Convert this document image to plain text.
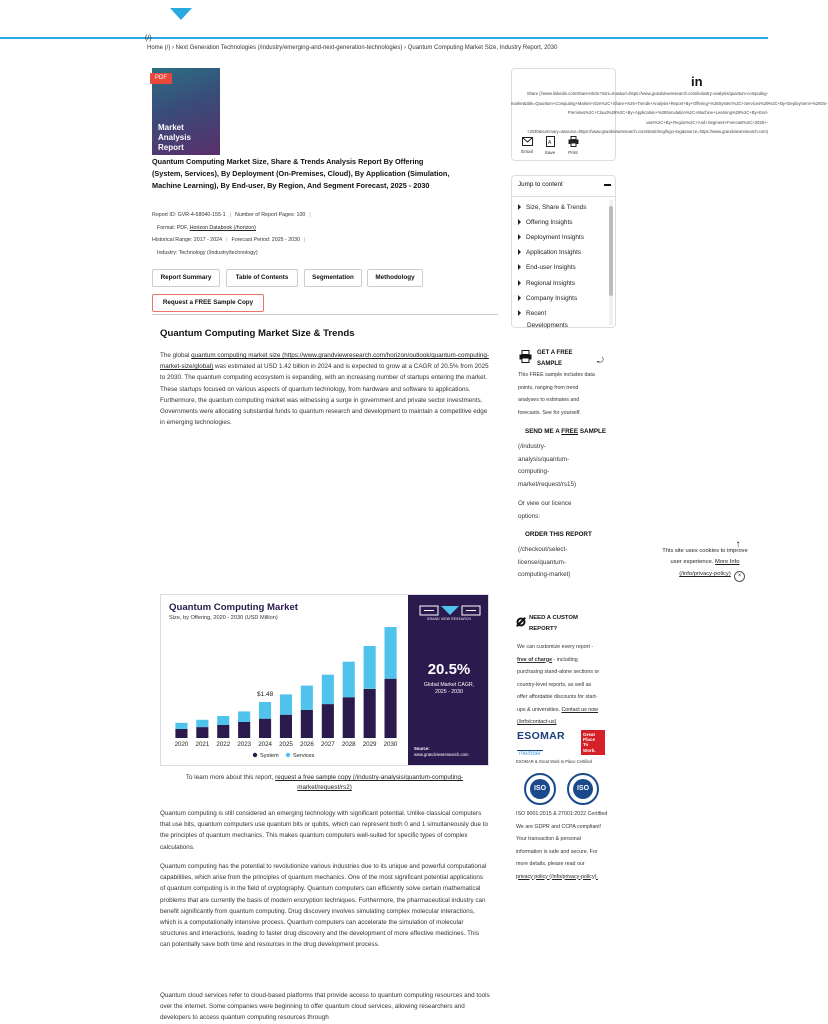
(/)
Home (/) › Next Generation Technologies (/industry/emerging-and-next-generation-technologies) › Quantum Computing Market Size, Industry Report, 2030
PDF
Market
Analysis
Report
Quantum Computing Market Size, Share & Trends Analysis Report By Offering (System, Services), By Deployment (On-Premises, Cloud), By Application (Simulation, Machine Learning), By End-user, By Region, And Segment Forecast, 2025 - 2030
Report ID: GVR-4-68040-155-1 | Number of Report Pages: 100 |
Format: PDF, Horizon Databook (/horizon)
Historical Range: 2017 - 2024 | Forecast Period: 2025 - 2030 |
Industry: Technology (/industry/technology)
Report Summary	Table of Contents	Segmentation	Methodology
Request a FREE Sample Copy
Quantum Computing Market Size & Trends
The global quantum computing market size (https://www.grandviewresearch.com/horizon/outlook/quantum-computing-market-size/global) was estimated at USD 1.42 billion in 2024 and is expected to grow at a CAGR of 20.5% from 2025 to 2030. The quantum computing ecosystem is expanding, with an increasing number of startups entering the market. These startups focused on various aspects of quantum technology, from hardware and software to applications. Furthermore, the quantum computing market was witnessing a surge in government and private sector investments. Governments were allocating substantial funds to quantum research and development to maintain a competitive edge in emerging technologies.
Quantum Computing Market
Size, by Offering, 2020 - 2030 (USD Million)	GRAND VIEW RESEARCH
20.5%
Global Market CAGR,
2025 - 2030
Source:
www.grandviewresearch.com
2020 2021 2022 2023 2024 2025 2026 2027 2028 2029 2030
$1.48
System	Services
To learn more about this report, request a free sample copy (/industry-analysis/quantum-computing-market/request/rs2)
Quantum computing is still considered an emerging technology with significant potential. Unlike classical computers that use bits, quantum computers use quantum bits or qubits, which can represent both 0 and 1 simultaneously due to the principles of quantum mechanics. This makes quantum computers well-suited for specific types of complex calculations.
Quantum computing has the potential to revolutionize various industries due to its unique and powerful computational capabilities, which arise from the principles of quantum mechanics. One of the most significant potential applications of quantum computing is in the field of cryptography. Quantum computers can efficiently solve certain mathematical problems that are currently the basis of modern encryption techniques. Furthermore, the pharmaceutical industry can benefit significantly from quantum computing. Drug discovery involves simulating complex molecular interactions, which is a computationally intensive process. Quantum computers can accelerate the simulation of molecular structures and interactions, leading to faster drug discovery and the development of more effective medicines. This can potentially save both time and resources in the drug development process.
Quantum cloud services refer to cloud-based platforms that provide access to quantum computing resources and tools over the internet. Some companies were beginning to offer quantum cloud services, allowing researchers and developers to access quantum computing resources through
in
Share (//www.linkedin.com/shareArticle?mini=true&url=https://www.grandviewresearch.com/industry-analysis/quantum-computing-market&title=Quantum+Computing+Market+Size%2C+Share+%26+Trends+Analysis+Report+By+Offering+%28System%2C+Services%29%2C+By+Deployment+%28On-Premises%2C+Cloud%29%2C+By+Application+%28Simulation%2C+Machine+Learning%29%2C+By+End-user%2C+By+Region%2C+And+Segment+Forecast%2C+2025+-+2030&summary=&source=https://www.grandviewresearch.com/static/img/logo-svg&source=https://www.grandviewresearch.com)
Email
A
Save	Print
Jump to content
Size, Share & Trends
Offering Insights
Deployment Insights
Application Insights
End-user Insights
Regional Insights
Company Insights
Recent
Developments
GET A FREE
SAMPLE	⤾
This FREE sample includes data
points, ranging from trend
analyses to estimates and
forecasts. See for yourself.
SEND ME A FREE SAMPLE
(/industry-
analysis/quantum-
computing-
market/request/rs15)
Or view our licence
options:
ORDER THIS REPORT
(/checkout/select-
license/quantum-
computing-market)
NEED A CUSTOM
REPORT?
We can customize every report -
free of charge - including
purchasing stand-alone sections or
country-level reports, as well as
offer affordable discounts for start-
ups & universities. Contact us now
(/info/contact-us)
ESOMAR
member
Great
Place
To
Work.
ESOMAR & Great Work to Place Certified
ISO	ISO
ISO 9001:2015 & 27001:2022 Certified
We are GDPR and CCPA compliant!
Your transaction & personal
information is safe and secure. For
more details, please read our
privacy policy (/info/privacy-policy).
↑
This site uses cookies to improve
user experience. More Info
(/info/privacy-policy)	×
